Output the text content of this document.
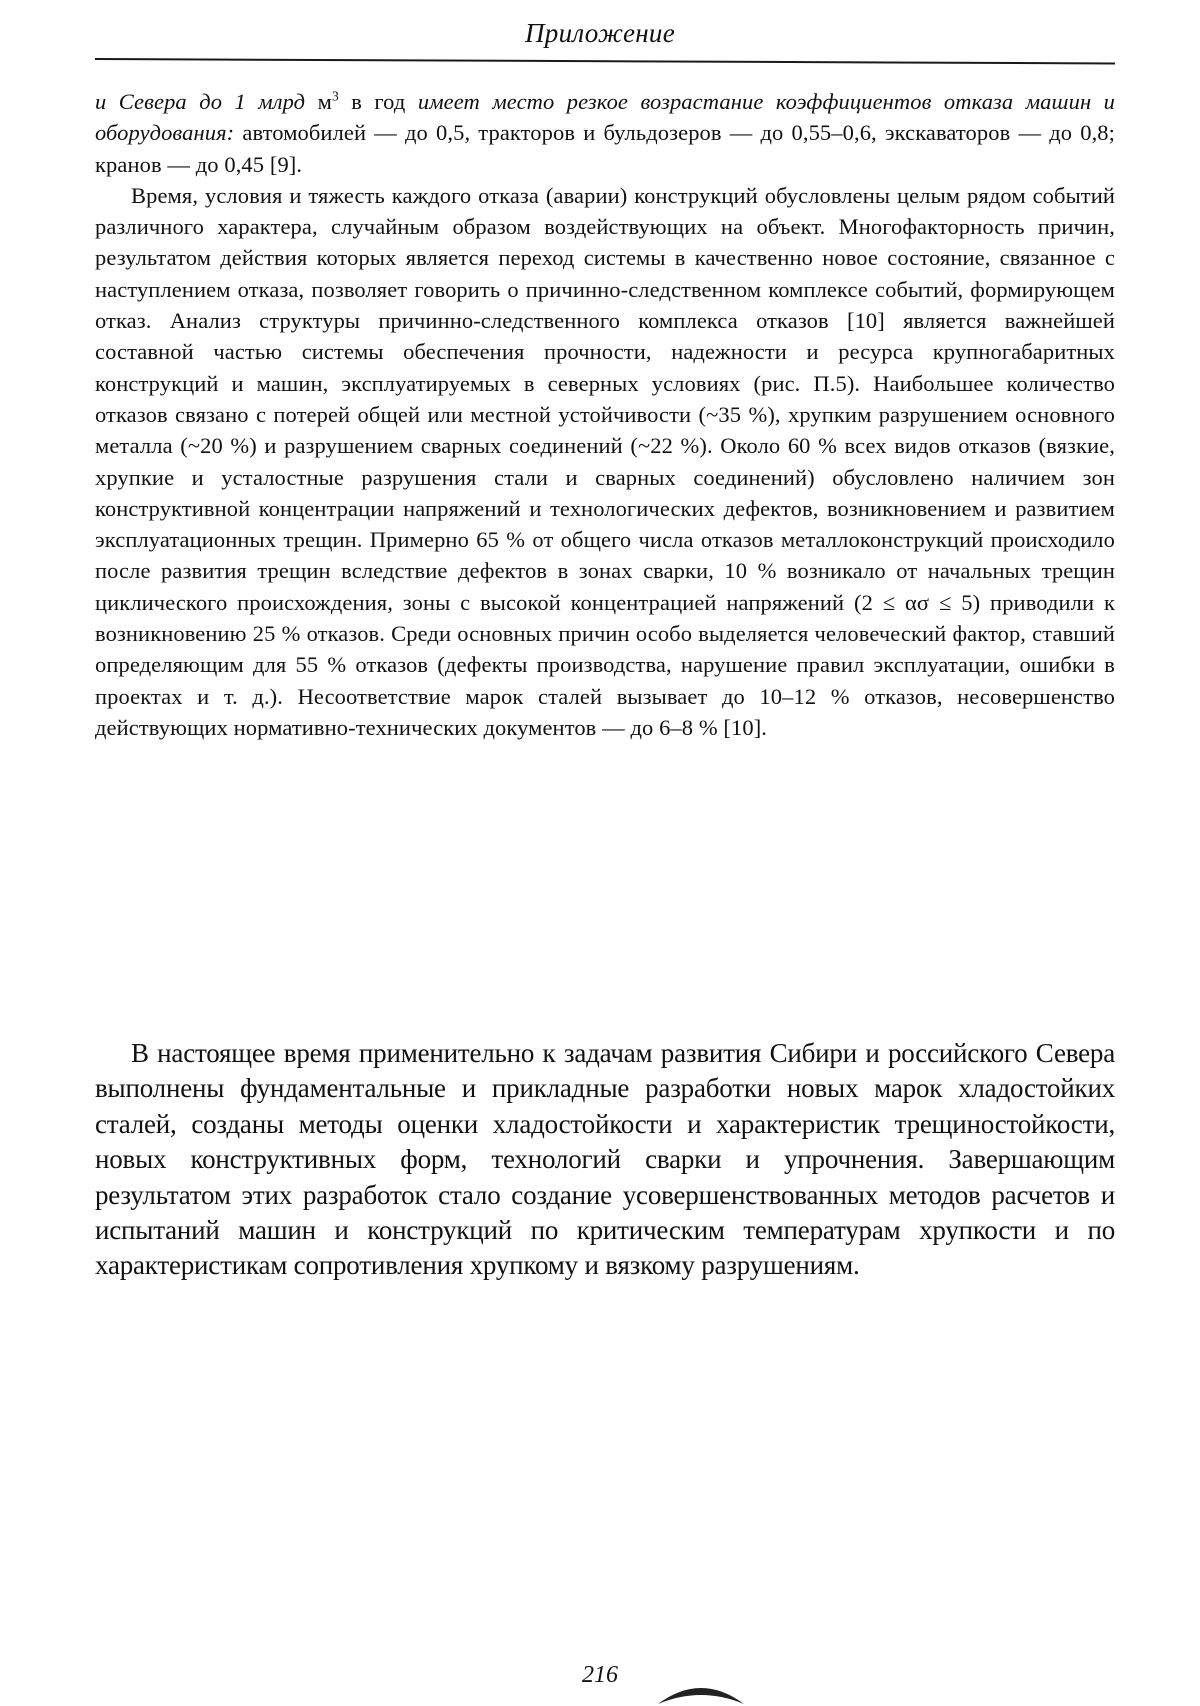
Приложение

и Севера до 1 млрд $м^3$ в год имеет место резкое возрастание коэффициентов отказа машин и оборудования: автомобилей — до 0,5, тракторов и бульдозеров — до 0,55–0,6, экскаваторов — до 0,8; кранов — до 0,45 [9].

Время, условия и тяжесть каждого отказа (аварии) конструкций обусловлены целым рядом событий различного характера, случайным образом воздействующих на объект. Многофакторность причин, результатом действия которых является переход системы в качественно новое состояние, связанное с наступлением отказа, позволяет говорить о причинно-следственном комплексе событий, формирующем отказ. Анализ структуры причинно-следственного комплекса отказов [10] является важнейшей составной частью системы обеспечения прочности, надежности и ресурса крупногабаритных конструкций и машин, эксплуатируемых в северных условиях (рис. П.5). Наибольшее количество отказов связано с потерей общей или местной устойчивости (~35 %), хрупким разрушением основного металла (~20 %) и разрушением сварных соединений (~22 %). Около 60 % всех видов отказов (вязкие, хрупкие и усталостные разрушения стали и сварных соединений) обусловлено наличием зон конструктивной концентрации напряжений и технологических дефектов, возникновением и развитием эксплуатационных трещин. Примерно 65 % от общего числа отказов металлоконструкций происходило после развития трещин вследствие дефектов в зонах сварки, 10 % возникало от начальных трещин циклического происхождения, зоны с высокой концентрацией напряжений (2 ≤ ασ ≤ 5) приводили к возникновению 25 % отказов. Среди основных причин особо выделяется человеческий фактор, ставший определяющим для 55 % отказов (дефекты производства, нарушение правил эксплуатации, ошибки в проектах и т. д.). Несоответствие марок сталей вызывает до 10–12 % отказов, несовершенство действующих нормативно-технических документов — до 6–8 % [10].

В настоящее время применительно к задачам развития Сибири и российского Севера выполнены фундаментальные и прикладные разработки новых марок хладостойких сталей, созданы методы оценки хладостойкости и характеристик трещиностойкости, новых конструктивных форм, технологий сварки и упрочнения. Завершающим результатом этих разработок стало создание усовершенствованных методов расчетов и испытаний машин и конструкций по критическим температурам хрупкости и по характеристикам сопротивления хрупкому и вязкому разрушениям.

216
